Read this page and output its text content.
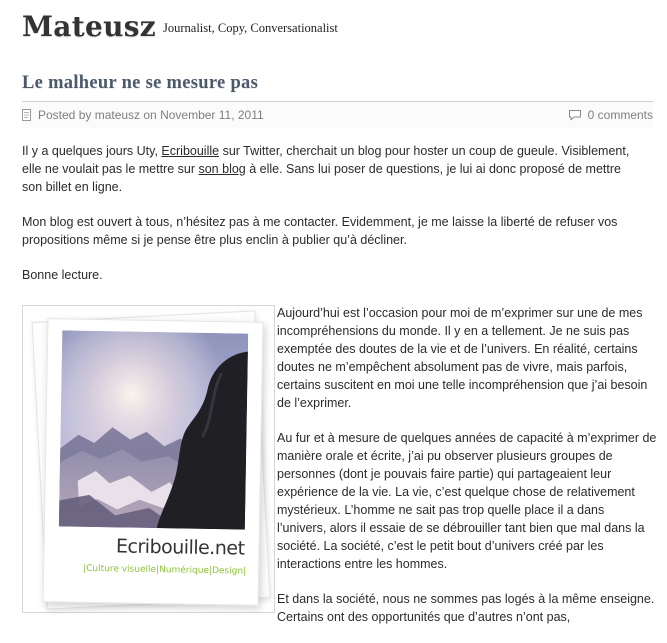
Mateusz Journalist, Copy, Conversationalist
Le malheur ne se mesure pas
Posted by mateusz on November 11, 2011	0 comments

Il y a quelques jours Uty, Ecribouille sur Twitter, cherchait un blog pour hoster un coup de gueule. Visiblement, elle ne voulait pas le mettre sur son blog à elle. Sans lui poser de questions, je lui ai donc proposé de mettre son billet en ligne.

Mon blog est ouvert à tous, n’hésitez pas à me contacter. Evidemment, je me laisse la liberté de refuser vos propositions même si je pense être plus enclin à publier qu’à décliner.

Bonne lecture.

Ecribouille.net
|Culture visuelle|Numérique|Design|

Aujourd’hui est l’occasion pour moi de m’exprimer sur une de mes incompréhensions du monde. Il y en a tellement. Je ne suis pas exemptée des doutes de la vie et de l’univers. En réalité, certains doutes ne m’empêchent absolument pas de vivre, mais parfois, certains suscitent en moi une telle incompréhension que j’ai besoin de l’exprimer.

Au fur et à mesure de quelques années de capacité à m’exprimer de manière orale et écrite, j’ai pu observer plusieurs groupes de personnes (dont je pouvais faire partie) qui partageaient leur expérience de la vie. La vie, c’est quelque chose de relativement mystérieux. L’homme ne sait pas trop quelle place il a dans l’univers, alors il essaie de se débrouiller tant bien que mal dans la société. La société, c’est le petit bout d’univers créé par les interactions entre les hommes.

Et dans la société, nous ne sommes pas logés à la même enseigne. Certains ont des opportunités que d’autres n’ont pas,
